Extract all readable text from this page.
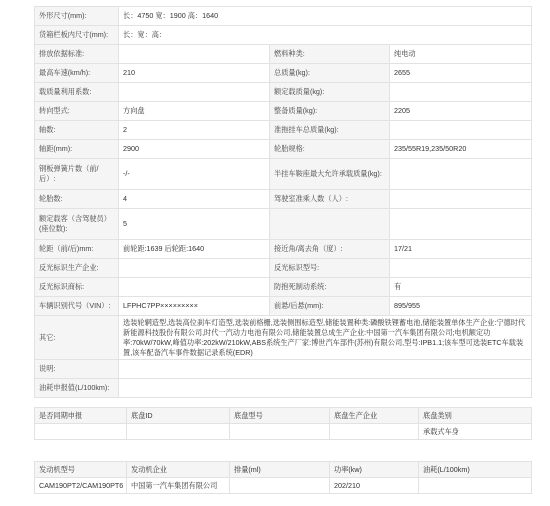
外形尺寸(mm):	长：4750 宽：1900 高：1640		
货箱栏板内尺寸(mm):	长：宽：高：		
排放依据标准:		燃料种类:	纯电动
最高车速(km/h):	210	总质量(kg):	2655
载质量利用系数:		额定载质量(kg):	
转向型式:	方向盘	整备质量(kg):	2205
轴数:	2	准拖挂车总质量(kg):	
轴距(mm):	2900	轮胎规格:	235/55R19,235/50R20
钢板弹簧片数（前/后）:	-/-	半挂车鞍座最大允许承载质量(kg):	
轮胎数:	4	驾驶室准乘人数（人）:	
额定载客（含驾驶员）(座位数):	5		
轮距（前/后)mm:	前轮距:1639 后轮距:1640	接近角/离去角（度）:	17/21
反光标识生产企业:		反光标识型号:	
反光标识商标:		防抱死制动系统:	有
车辆识别代号（VIN）:	LFPHC7PP×××××××××	前悬/后悬(mm):	895/955
其它:	选装轮辋造型,选装高位刹车灯造型,选装前格栅,选装侧围标造型,储能装置种类:磷酸铁锂蓄电池,储能装置单体生产企业:宁德时代新能源科技股份有限公司,时代一汽动力电池有限公司,储能装置总成生产企业:中国第一汽车集团有限公司;电机额定功率:70kW/70kW,峰值功率:202kW/210kW,ABS系统生产厂家:博世汽车部件(苏州)有限公司,型号:IPB1.1;该车型可选装ETC车载装置,该车配备汽车事件数据记录系统(EDR)		
说明:			
油耗申报值(L/100km):			
是否同期申报	底盘ID	底盘型号	底盘生产企业	底盘类别
				承载式车身
发动机型号	发动机企业	排量(ml)	功率(kw)	油耗(L/100km)
CAM190PT2/CAM190PT6	中国第一汽车集团有限公司		202/210	
